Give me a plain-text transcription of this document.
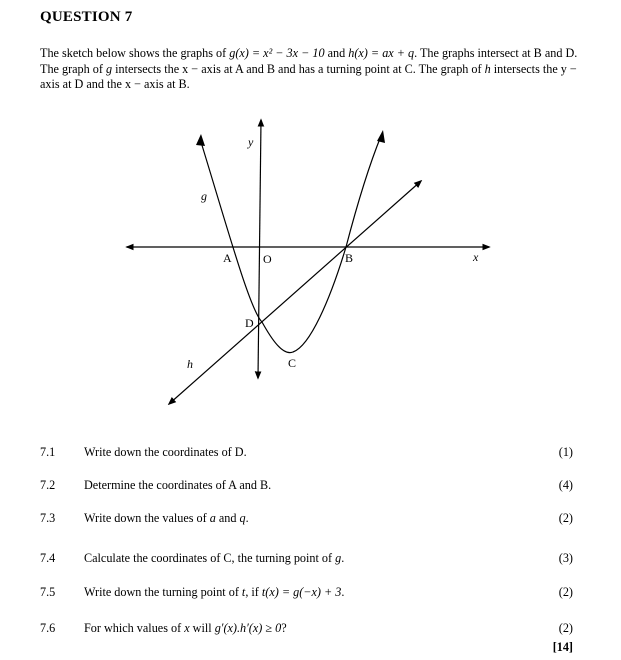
QUESTION 7
The sketch below shows the graphs of g(x) = x² − 3x − 10 and h(x) = ax + q. The graphs intersect at B and D. The graph of g intersects the x − axis at A and B and has a turning point at C. The graph of h intersects the y − axis at D and the x − axis at B.
y
x
g
h
A	O	B
D
C
7.1 Write down the coordinates of D.	(1)
7.2 Determine the coordinates of A and B.	(4)
7.3 Write down the values of a and q.	(2)
7.4 Calculate the coordinates of C, the turning point of g.	(3)
7.5 Write down the turning point of t, if t(x) = g(−x) + 3.	(2)
7.6 For which values of x will g′(x).h′(x) ≥ 0?	(2)
[14]
